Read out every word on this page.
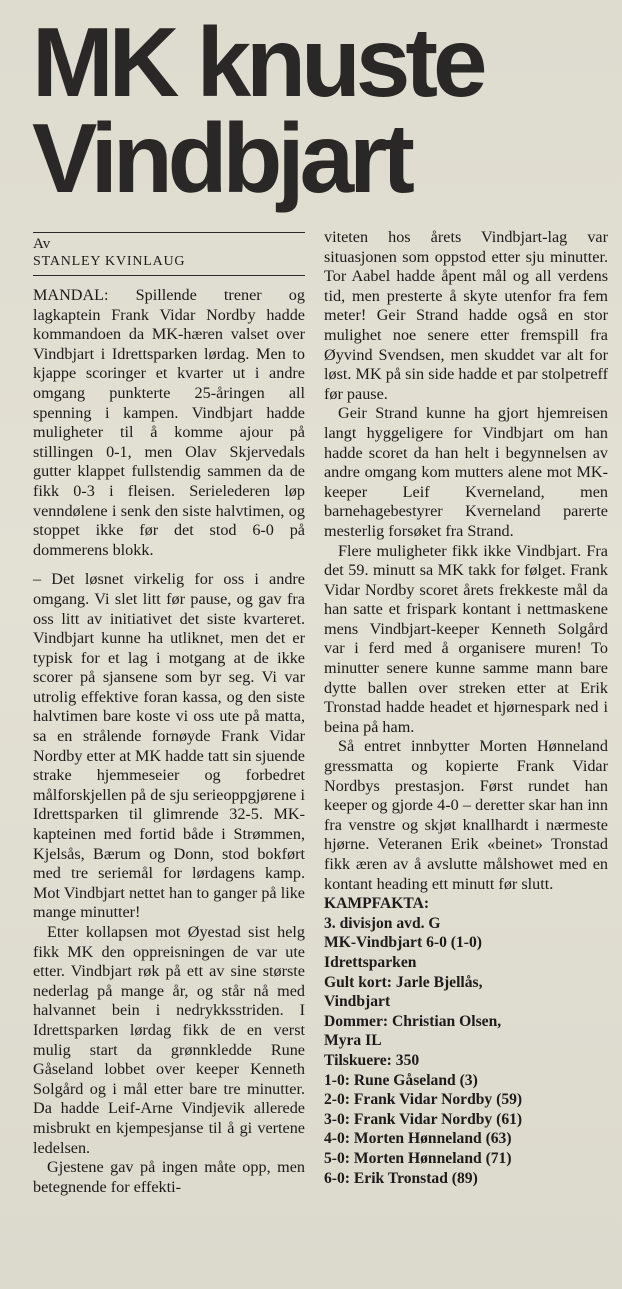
MK knuste
Vindbjart
Av
STANLEY KVINLAUG

MANDAL: Spillende trener og lagkaptein Frank Vidar Nordby hadde kommandoen da MK-hæren valset over Vindbjart i Idrettsparken lørdag. Men to kjappe scoringer et kvarter ut i andre omgang punkterte 25-åringen all spenning i kampen. Vindbjart hadde muligheter til å komme ajour på stillingen 0-1, men Olav Skjervedals gutter klappet fullstendig sammen da de fikk 0-3 i fleisen. Serielederen løp venndølene i senk den siste halvtimen, og stoppet ikke før det stod 6-0 på dommerens blokk.

– Det løsnet virkelig for oss i andre omgang. Vi slet litt før pause, og gav fra oss litt av initiativet det siste kvarteret. Vindbjart kunne ha utliknet, men det er typisk for et lag i motgang at de ikke scorer på sjansene som byr seg. Vi var utrolig effektive foran kassa, og den siste halvtimen bare koste vi oss ute på matta, sa en strålende fornøyde Frank Vidar Nordby etter at MK hadde tatt sin sjuende strake hjemmeseier og forbedret målforskjellen på de sju serieoppgjørene i Idrettsparken til glimrende 32-5. MK-kapteinen med fortid både i Strømmen, Kjelsås, Bærum og Donn, stod bokført med tre seriemål for lørdagens kamp. Mot Vindbjart nettet han to ganger på like mange minutter!

Etter kollapsen mot Øyestad sist helg fikk MK den oppreisningen de var ute etter. Vindbjart røk på ett av sine største nederlag på mange år, og står nå med halvannet bein i nedrykksstriden. I Idrettsparken lørdag fikk de en verst mulig start da grønnkledde Rune Gåseland lobbet over keeper Kenneth Solgård og i mål etter bare tre minutter. Da hadde Leif-Arne Vindjevik allerede misbrukt en kjempesjanse til å gi vertene ledelsen.

Gjestene gav på ingen måte opp, men betegnende for effekti-

viteten hos årets Vindbjart-lag var situasjonen som oppstod etter sju minutter. Tor Aabel hadde åpent mål og all verdens tid, men presterte å skyte utenfor fra fem meter! Geir Strand hadde også en stor mulighet noe senere etter fremspill fra Øyvind Svendsen, men skuddet var alt for løst. MK på sin side hadde et par stolpetreff før pause.

Geir Strand kunne ha gjort hjemreisen langt hyggeligere for Vindbjart om han hadde scoret da han helt i begynnelsen av andre omgang kom mutters alene mot MK-keeper Leif Kverneland, men barnehagebestyrer Kverneland parerte mesterlig forsøket fra Strand.

Flere muligheter fikk ikke Vindbjart. Fra det 59. minutt sa MK takk for følget. Frank Vidar Nordby scoret årets frekkeste mål da han satte et frispark kontant i nettmaskene mens Vindbjart-keeper Kenneth Solgård var i ferd med å organisere muren! To minutter senere kunne samme mann bare dytte ballen over streken etter at Erik Tronstad hadde headet et hjørnespark ned i beina på ham.

Så entret innbytter Morten Hønneland gressmatta og kopierte Frank Vidar Nordbys prestasjon. Først rundet han keeper og gjorde 4-0 – deretter skar han inn fra venstre og skjøt knallhardt i nærmeste hjørne. Veteranen Erik «beinet» Tronstad fikk æren av å avslutte målshowet med en kontant heading ett minutt før slutt.

KAMPFAKTA:
3. divisjon avd. G
MK-Vindbjart 6-0 (1-0)
Idrettsparken
Gult kort: Jarle Bjellås,
Vindbjart
Dommer: Christian Olsen,
Myra IL
Tilskuere: 350
1-0: Rune Gåseland (3)
2-0: Frank Vidar Nordby (59)
3-0: Frank Vidar Nordby (61)
4-0: Morten Hønneland (63)
5-0: Morten Hønneland (71)
6-0: Erik Tronstad (89)
